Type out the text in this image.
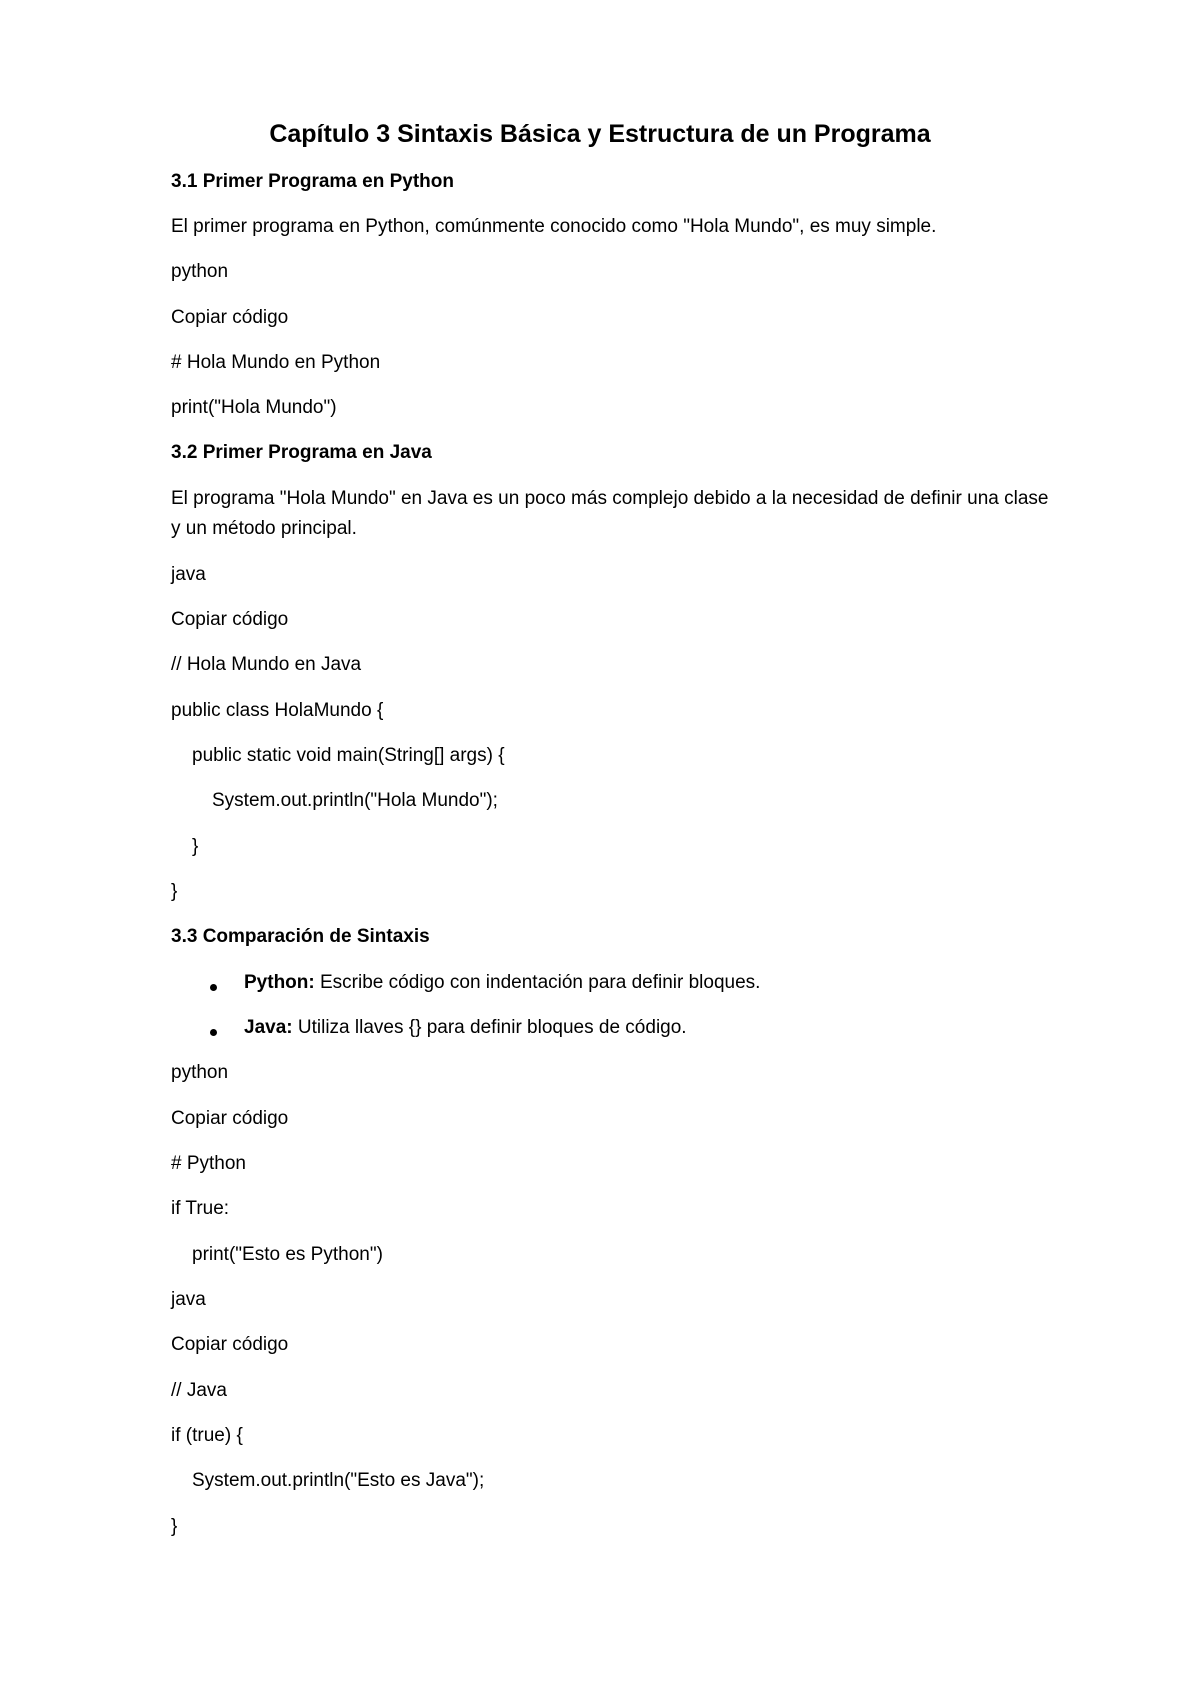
Capítulo 3 Sintaxis Básica y Estructura de un Programa

3.1 Primer Programa en Python

El primer programa en Python, comúnmente conocido como "Hola Mundo", es muy simple.

python

Copiar código

# Hola Mundo en Python

print("Hola Mundo")

3.2 Primer Programa en Java

El programa "Hola Mundo" en Java es un poco más complejo debido a la necesidad de definir una clase y un método principal.

java

Copiar código

// Hola Mundo en Java

public class HolaMundo {

public static void main(String[] args) {

System.out.println("Hola Mundo");

}

}

3.3 Comparación de Sintaxis

Python: Escribe código con indentación para definir bloques.

Java: Utiliza llaves {} para definir bloques de código.

python

Copiar código

# Python

if True:

print("Esto es Python")

java

Copiar código

// Java

if (true) {

System.out.println("Esto es Java");

}
